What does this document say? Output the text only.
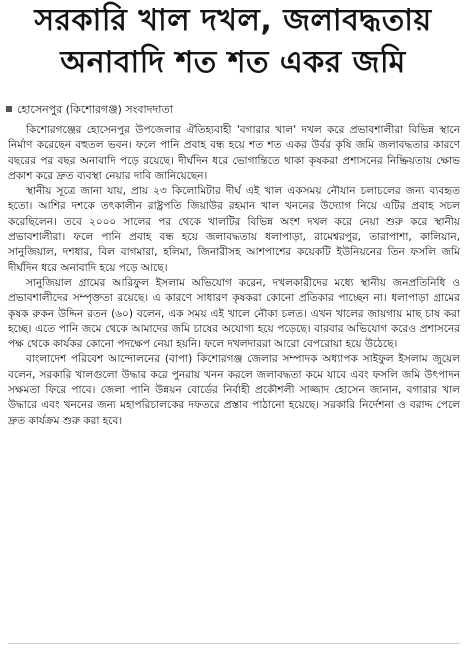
সরকারি খাল দখল, জলাবদ্ধতায়
অনাবাদি শত শত একর জমি
হোসেনপুর (কিশোরগঞ্জ) সংবাদদাতা

কিশোরগঞ্জের হোসেনপুর উপজেলার ঐতিহ্যবাহী 'বগারার খাল' দখল করে প্রভাবশালীরা বিভিন্ন স্থানে নির্মাণ করেছেন বহুতল ভবন। ফলে পানি প্রবাহ বন্ধ হয়ে শত শত একর উর্বর কৃষি জমি জলাবদ্ধতার কারণে বছরের পর বছর অনাবাদি পড়ে রয়েছে। দীর্ঘদিন ধরে ভোগান্তিতে থাকা কৃষকরা প্রশাসনের নিষ্ক্রিয়তায় ক্ষোভ প্রকাশ করে দ্রুত ব্যবস্থা নেয়ার দাবি জানিয়েছেন।

স্থানীয় সূত্রে জানা যায়, প্রায় ২৩ কিলোমিটার দীর্ঘ এই খাল একসময় নৌযান চলাচলের জন্য ব্যবহৃত হতো। আশির দশকে তৎকালীন রাষ্ট্রপতি জিয়াউর রহমান খাল খননের উদ্যোগ নিয়ে এটির প্রবাহ সচল করেছিলেন। তবে ২০০০ সালের পর থেকে খালটির বিভিন্ন অংশ দখল করে নেয়া শুরু করে স্থানীয় প্রভাবশালীরা। ফলে পানি প্রবাহ বন্ধ হয়ে জলাবদ্ধতায় ধলাপাড়া, রামেশ্বরপুর, তারাপাশা, কালিয়ান, সানুজিয়াল, দশধার, বিল বাগমারা, হলিমা, জিনারীসহ আশপাশের কয়েকটি ইউনিয়নের তিন ফসলি জমি দীর্ঘদিন ধরে অনাবাদি হয়ে পড়ে আছে।

সানুজিয়াল গ্রামের আরিফুল ইসলাম অভিযোগ করেন, দখলকারীদের মধ্যে স্থানীয় জনপ্রতিনিধি ও প্রভাবশালীদের সম্পৃক্ততা রয়েছে। এ কারণে সাধারণ কৃষকরা কোনো প্রতিকার পাচ্ছেন না। ধলাপাড়া গ্রামের কৃষক রুকন উদ্দিন রতন (৬০) বলেন, এক সময় এই খালে নৌকা চলত। এখন খালের জায়গায় মাছ চাষ করা হচ্ছে। এতে পানি জমে থেকে আমাদের জমি চাষের অযোগ্য হয়ে পড়েছে। বারবার অভিযোগ করেও প্রশাসনের পক্ষ থেকে কার্যকর কোনো পদক্ষেপ নেয়া হয়নি। ফলে দখলদাররা আরো বেপরোয়া হয়ে উঠেছে।

বাংলাদেশ পরিবেশ আন্দোলনের (বাপা) কিশোরগঞ্জ জেলার সম্পাদক অধ্যাপক সাইফুল ইসলাম জুয়েল বলেন, সরকারি খালগুলো উদ্ধার করে পুনরায় খনন করলে জলাবদ্ধতা কমে যাবে এবং ফসলি জমি উৎপাদন সক্ষমতা ফিরে পাবে। জেলা পানি উন্নয়ন বোর্ডের নির্বাহী প্রকৌশলী সাজ্জাদ হোসেন জানান, বগারার খাল উদ্ধারে এবং খননের জন্য মহাপরিচালকের দফতরে প্রস্তাব পাঠানো হয়েছে। সরকারি নির্দেশনা ও বরাদ্দ পেলে দ্রুত কার্যক্রম শুরু করা হবে।
